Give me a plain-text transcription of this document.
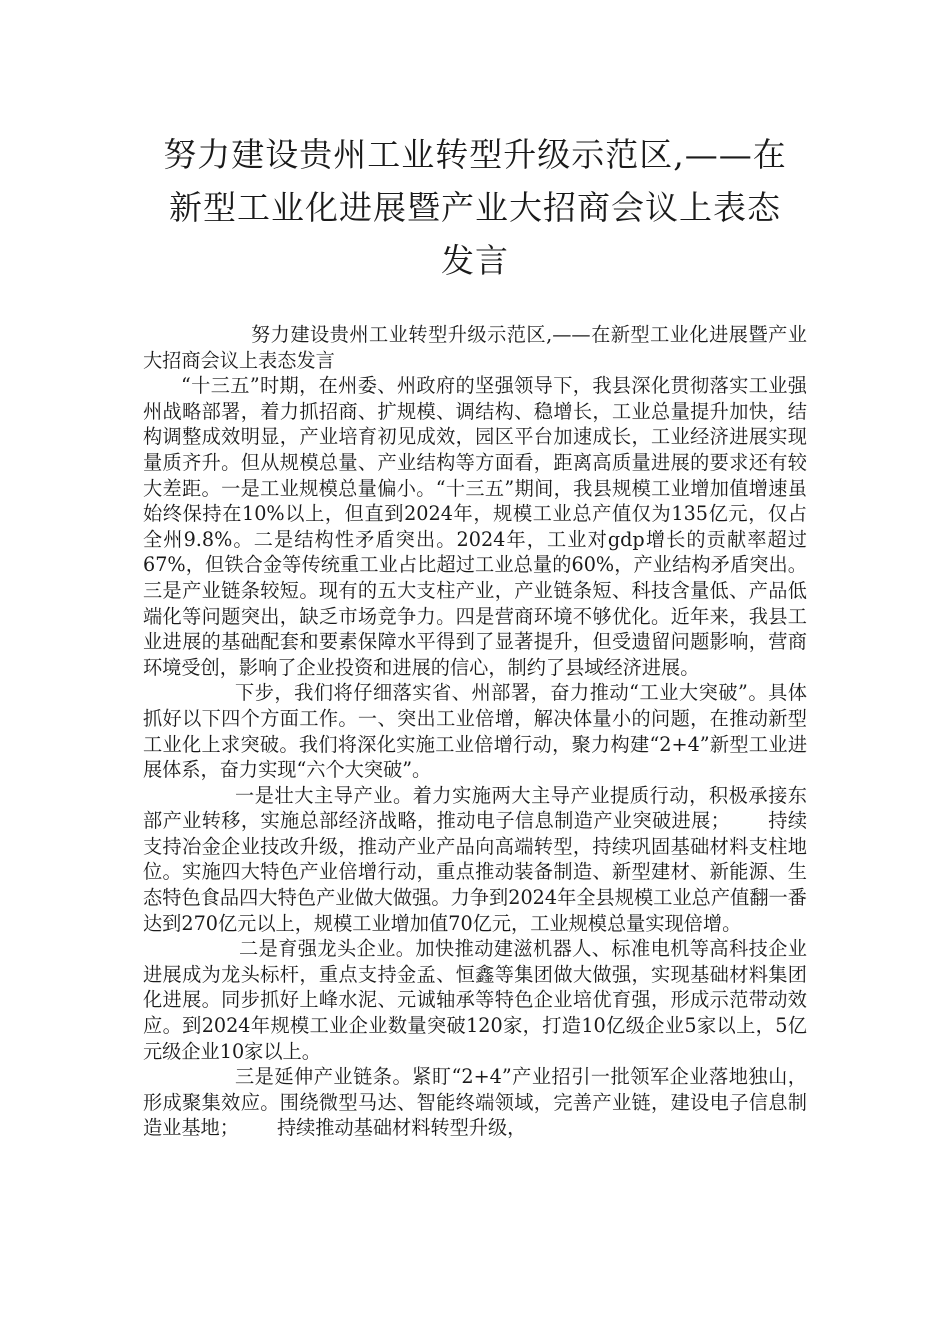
努力建设贵州工业转型升级示范区,——在
新型工业化进展暨产业大招商会议上表态
发言

努力建设贵州工业转型升级示范区,——在新型工业化进展暨产业大招商会议上表态发言

“十三五”时期，在州委、州政府的坚强领导下，我县深化贯彻落实工业强州战略部署，着力抓招商、扩规模、调结构、稳增长，工业总量提升加快，结构调整成效明显，产业培育初见成效，园区平台加速成长，工业经济进展实现量质齐升。但从规模总量、产业结构等方面看，距离高质量进展的要求还有较大差距。一是工业规模总量偏小。“十三五”期间，我县规模工业增加值增速虽始终保持在10%以上，但直到2024年，规模工业总产值仅为135亿元，仅占全州9.8%。二是结构性矛盾突出。2024年，工业对gdp增长的贡献率超过67%，但铁合金等传统重工业占比超过工业总量的60%，产业结构矛盾突出。三是产业链条较短。现有的五大支柱产业，产业链条短、科技含量低、产品低端化等问题突出，缺乏市场竞争力。四是营商环境不够优化。近年来，我县工业进展的基础配套和要素保障水平得到了显著提升，但受遗留问题影响，营商环境受创，影响了企业投资和进展的信心，制约了县域经济进展。

下步，我们将仔细落实省、州部署，奋力推动“工业大突破”。具体抓好以下四个方面工作。一、突出工业倍增，解决体量小的问题，在推动新型工业化上求突破。我们将深化实施工业倍增行动，聚力构建“2+4”新型工业进展体系，奋力实现“六个大突破”。

一是壮大主导产业。着力实施两大主导产业提质行动，积极承接东部产业转移，实施总部经济战略，推动电子信息制造产业突破进展； 持续支持冶金企业技改升级，推动产业产品向高端转型，持续巩固基础材料支柱地位。实施四大特色产业倍增行动，重点推动装备制造、新型建材、新能源、生态特色食品四大特色产业做大做强。力争到2024年全县规模工业总产值翻一番达到270亿元以上，规模工业增加值70亿元，工业规模总量实现倍增。

二是育强龙头企业。加快推动建滋机器人、标准电机等高科技企业进展成为龙头标杆，重点支持金孟、恒鑫等集团做大做强，实现基础材料集团化进展。同步抓好上峰水泥、元诚轴承等特色企业培优育强，形成示范带动效应。到2024年规模工业企业数量突破120家，打造10亿级企业5家以上，5亿元级企业10家以上。

三是延伸产业链条。紧盯“2+4”产业招引一批领军企业落地独山，形成聚集效应。围绕微型马达、智能终端领域，完善产业链，建设电子信息制造业基地； 持续推动基础材料转型升级，
